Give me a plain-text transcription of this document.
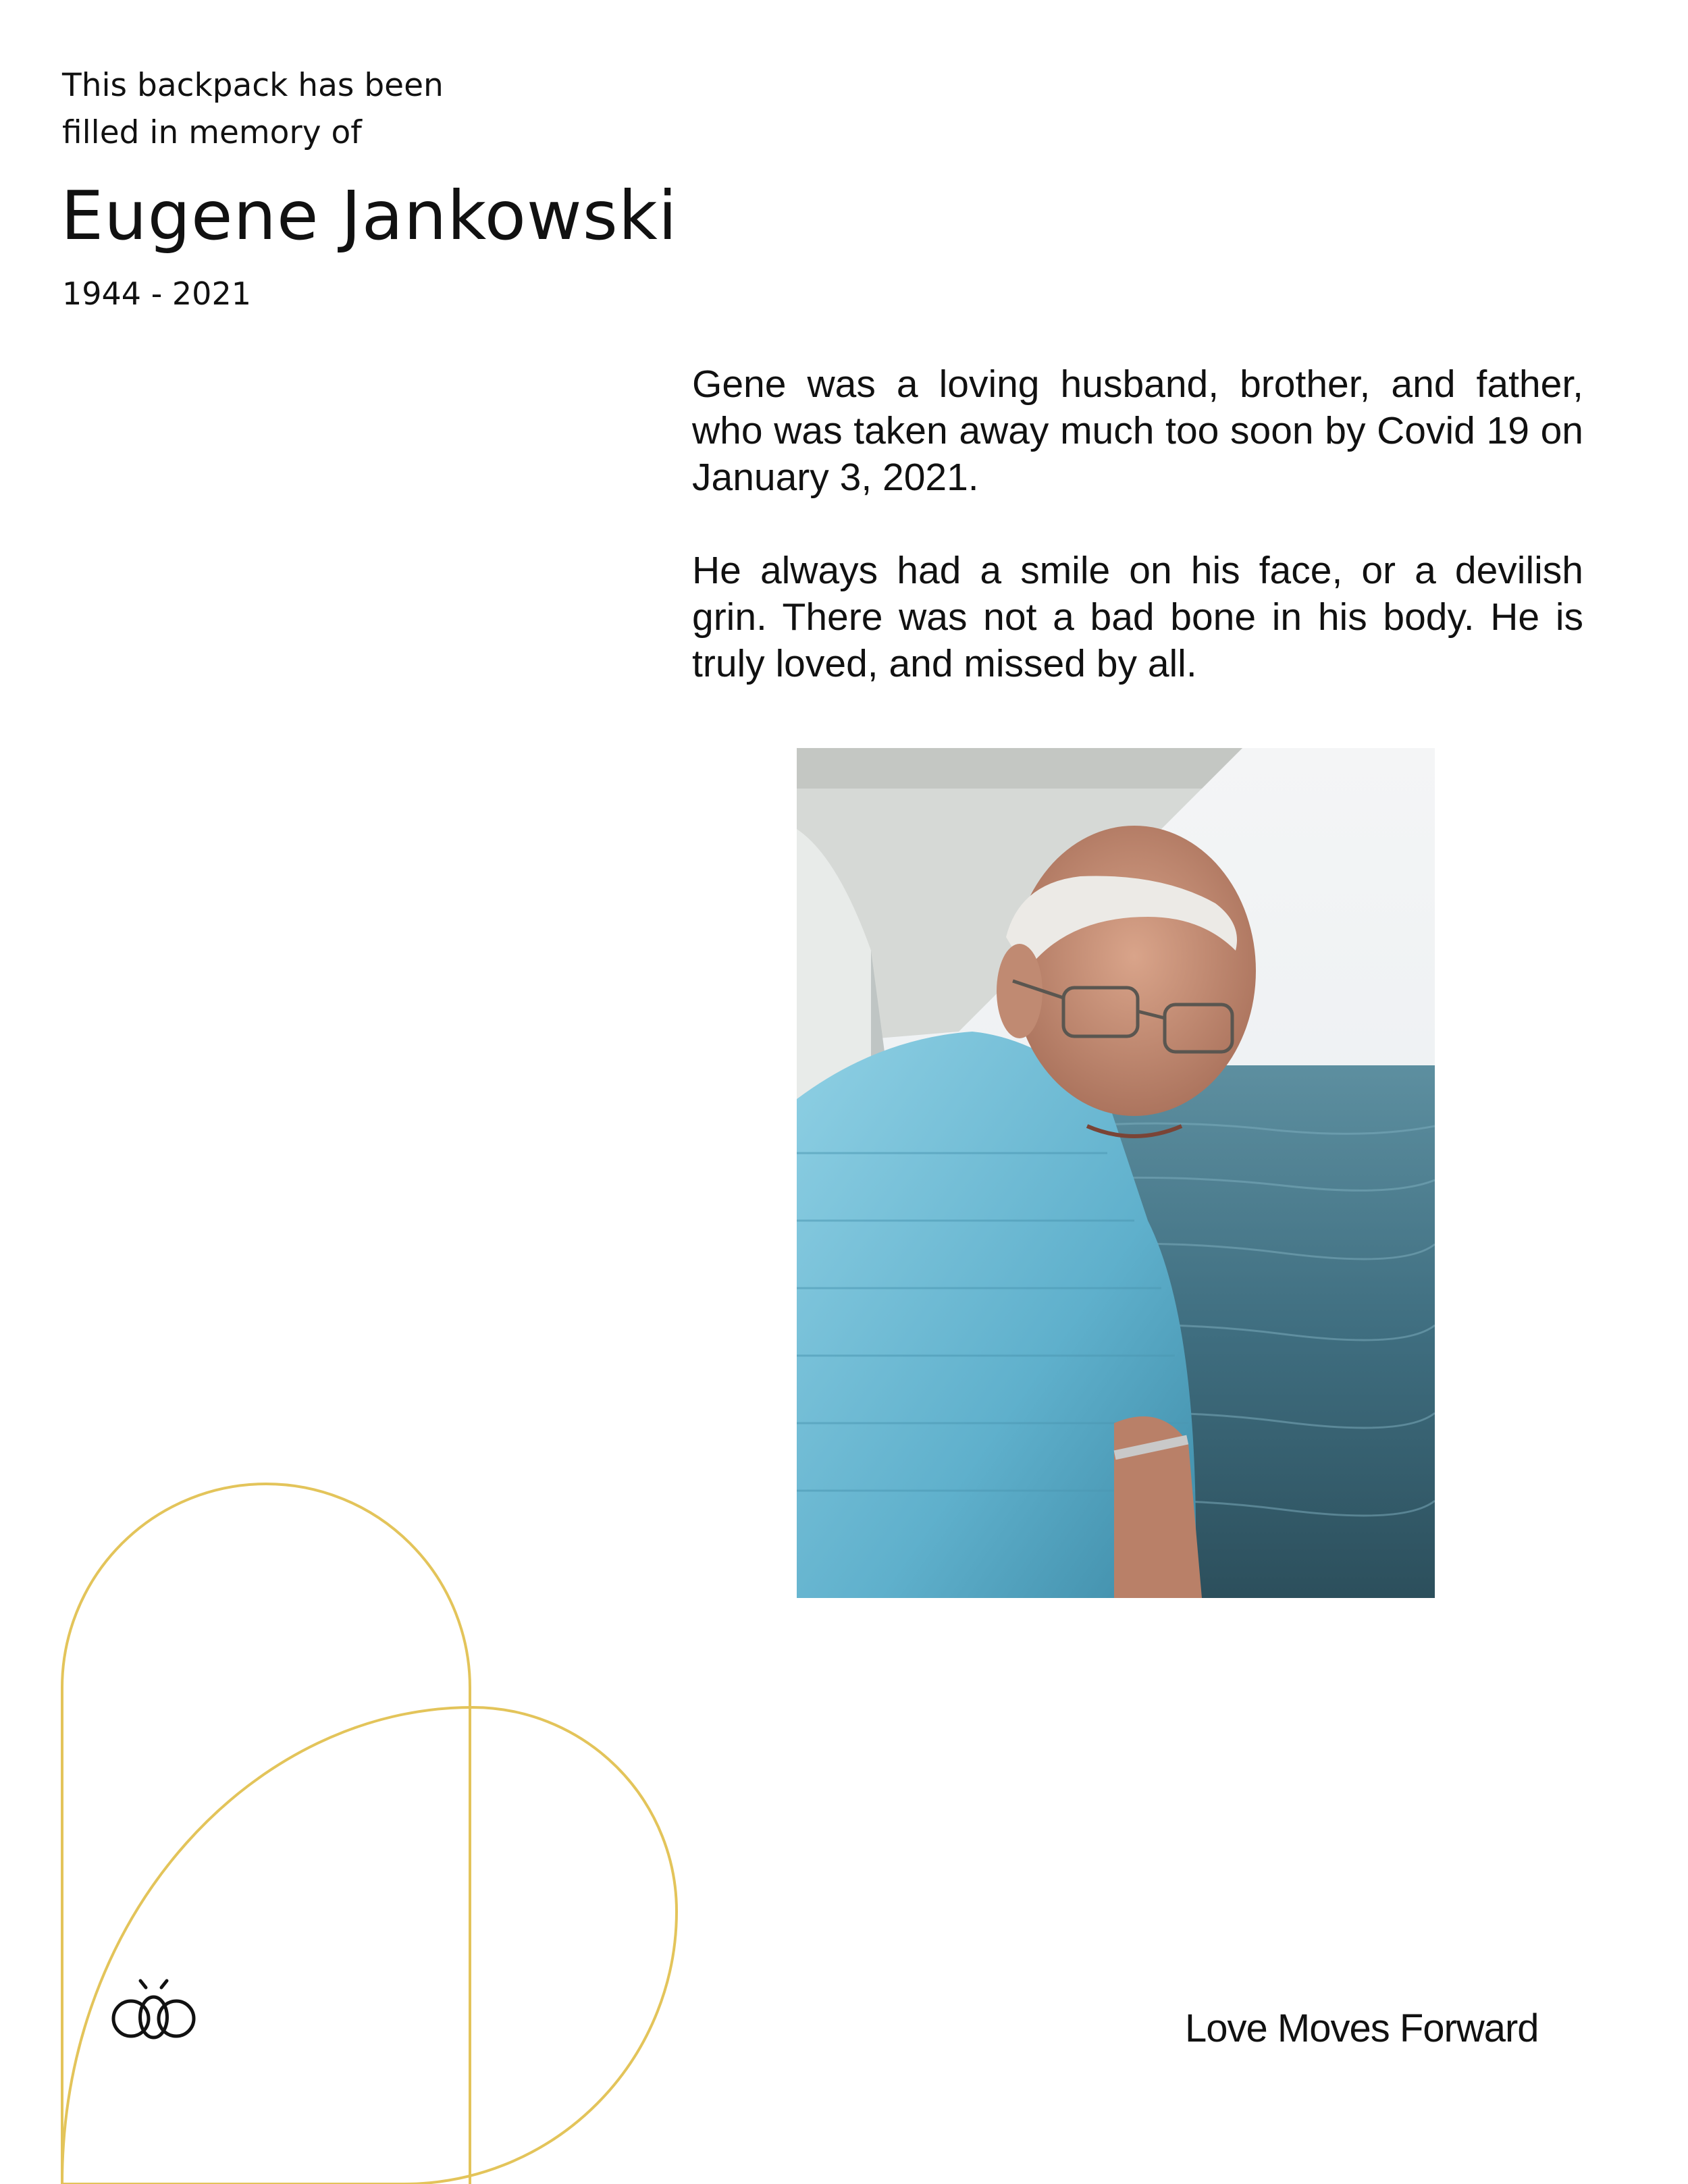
This backpack has been
filled in memory of
Eugene Jankowski
1944 - 2021

Gene was a loving husband, brother, and father, who was taken away much too soon by Covid 19 on January 3, 2021.

He always had a smile on his face, or a devilish grin. There was not a bad bone in his body. He is truly loved, and missed by all.

Love Moves Forward
